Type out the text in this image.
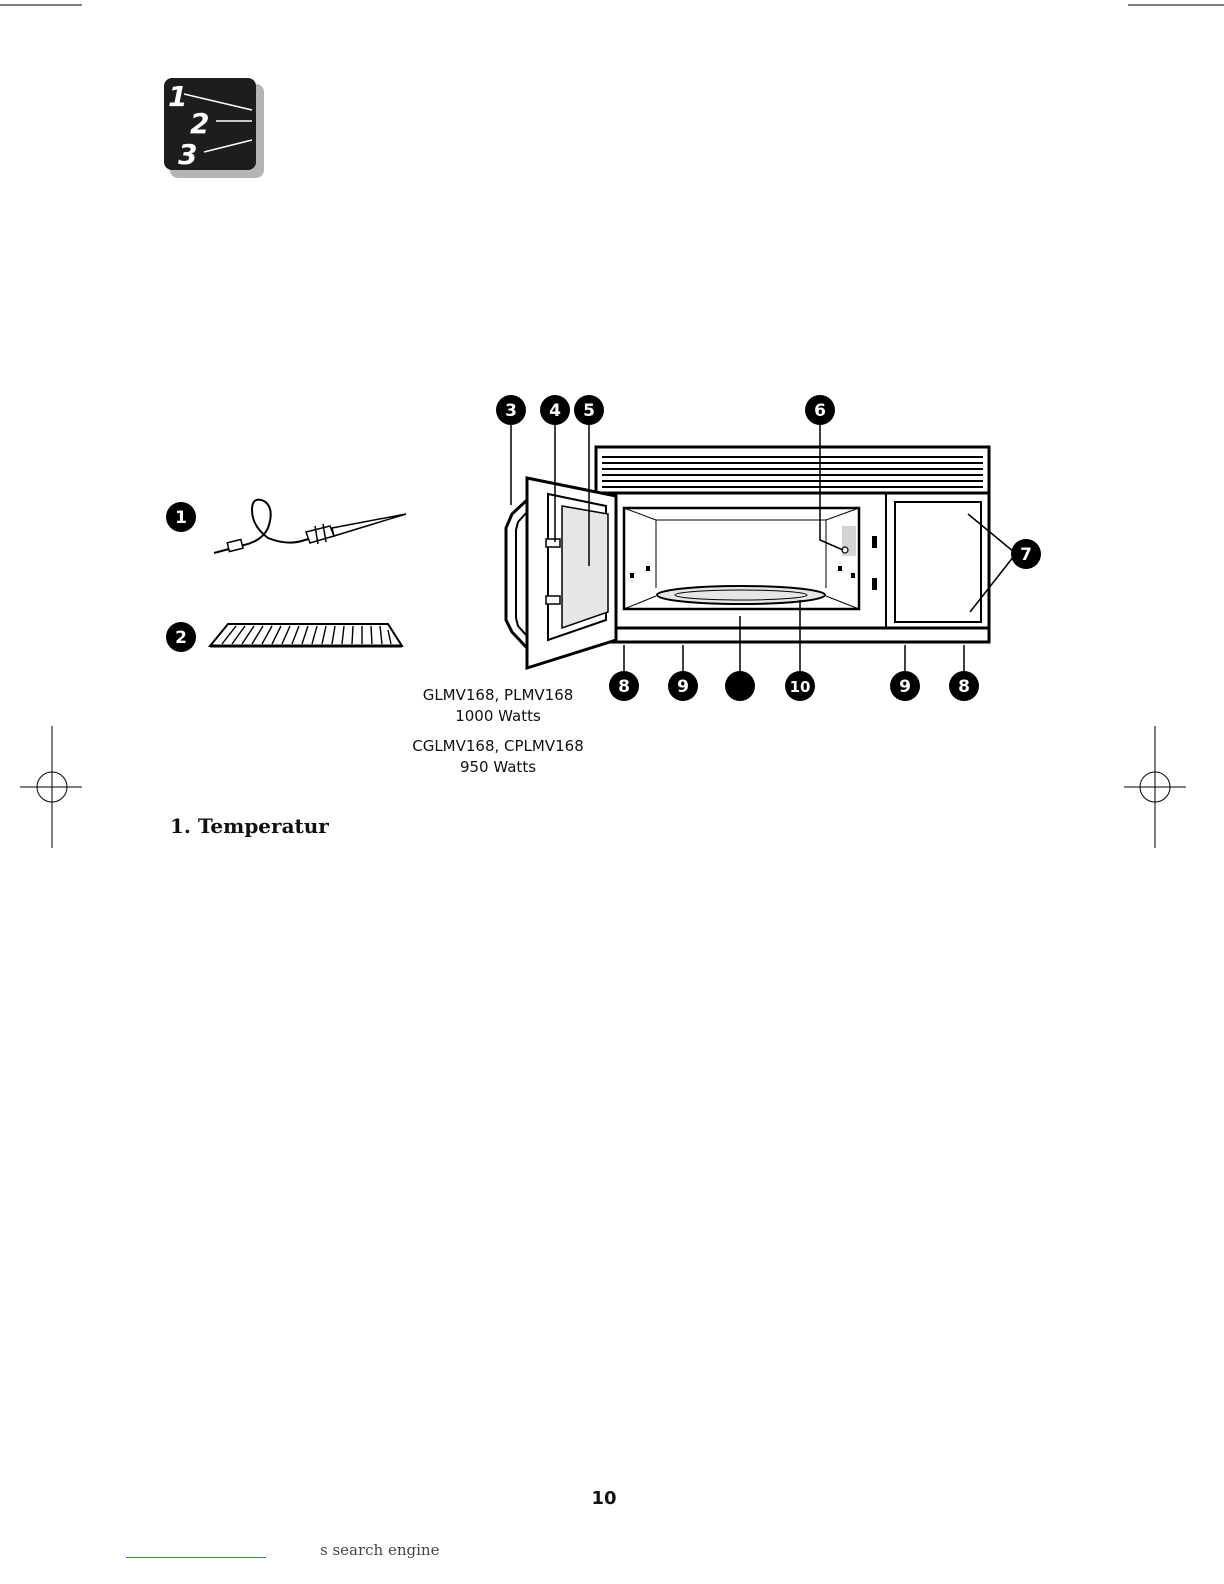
1
2
3
1
2
3 4 5	6
7
8	9	10	9	8
GLMV168, PLMV168
1000 Watts
CGLMV168, CPLMV168
950 Watts
1. Temperatur
10
s search engine
